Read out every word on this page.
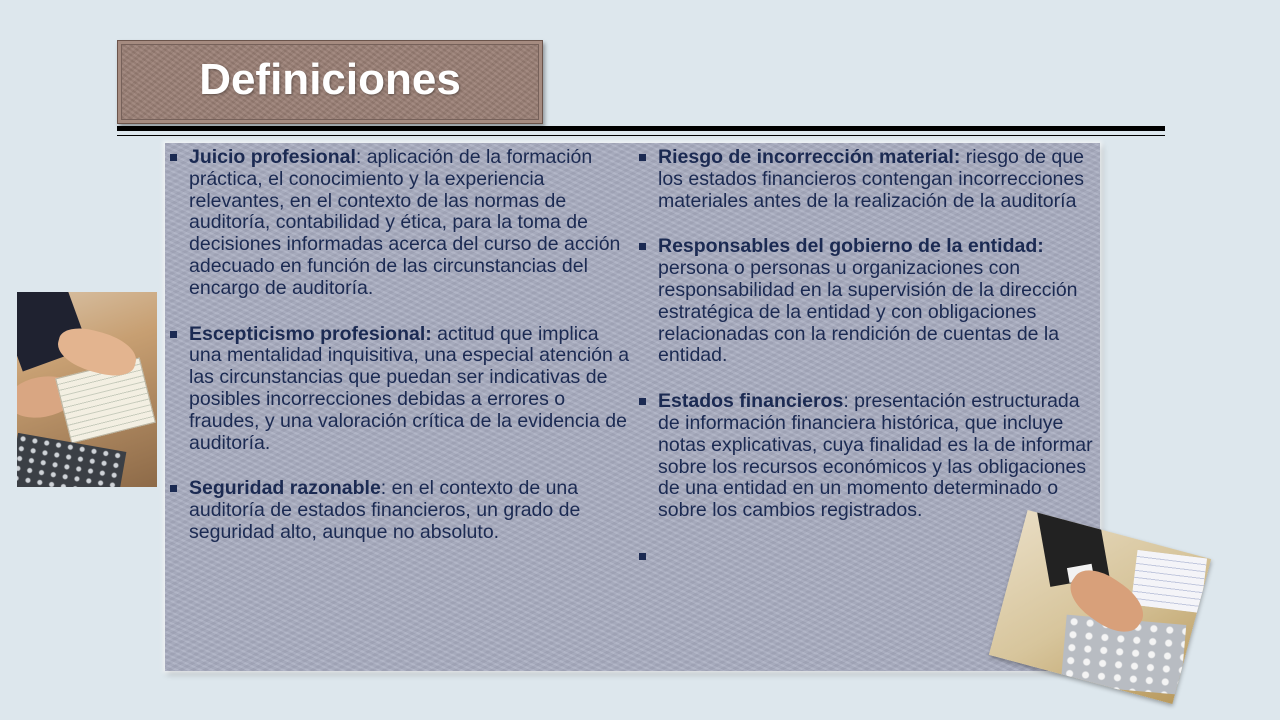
Definiciones
Juicio profesional: aplicación de la formación práctica, el conocimiento y la experiencia relevantes, en el contexto de las normas de auditoría, contabilidad y ética, para la toma de decisiones informadas acerca del curso de acción adecuado en función de las circunstancias del encargo de auditoría.
Escepticismo profesional: actitud que implica una mentalidad inquisitiva, una especial atención a las circunstancias que puedan ser indicativas de posibles incorrecciones debidas a errores o fraudes, y una valoración crítica de la evidencia de auditoría.
Seguridad razonable: en el contexto de una auditoría de estados financieros, un grado de seguridad alto, aunque no absoluto.
Riesgo de incorrección material: riesgo de que los estados financieros contengan incorrecciones materiales antes de la realización de la auditoría
Responsables del gobierno de la entidad: persona o personas u organizaciones con responsabilidad en la supervisión de la dirección estratégica de la entidad y con obligaciones relacionadas con la rendición de cuentas de la entidad.
Estados financieros: presentación estructurada de información financiera histórica, que incluye notas explicativas, cuya finalidad es la de informar sobre los recursos económicos y las obligaciones de una entidad en un momento determinado o sobre los cambios registrados.
